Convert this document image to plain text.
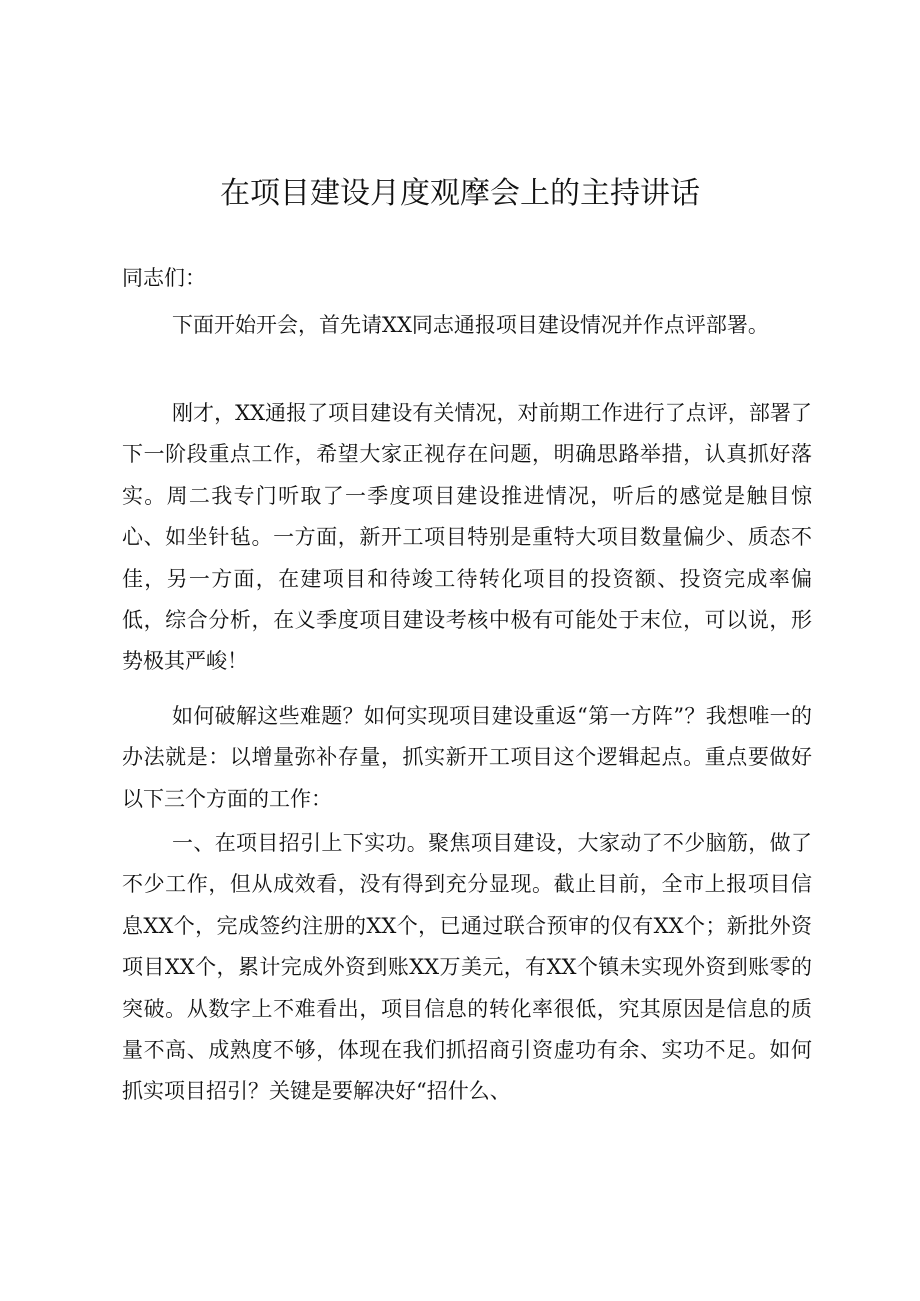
在项目建设月度观摩会上的主持讲话
同志们：

下面开始开会，首先请XX同志通报项目建设情况并作点评部署。

刚才，XX通报了项目建设有关情况，对前期工作进行了点评，部署了下一阶段重点工作，希望大家正视存在问题，明确思路举措，认真抓好落实。周二我专门听取了一季度项目建设推进情况，听后的感觉是触目惊心、如坐针毡。一方面，新开工项目特别是重特大项目数量偏少、质态不佳，另一方面，在建项目和待竣工待转化项目的投资额、投资完成率偏低，综合分析，在义季度项目建设考核中极有可能处于末位，可以说，形势极其严峻！

如何破解这些难题？如何实现项目建设重返“第一方阵”？我想唯一的办法就是：以增量弥补存量，抓实新开工项目这个逻辑起点。重点要做好以下三个方面的工作：

一、在项目招引上下实功。聚焦项目建设，大家动了不少脑筋，做了不少工作，但从成效看，没有得到充分显现。截止目前，全市上报项目信息XX个，完成签约注册的XX个，已通过联合预审的仅有XX个；新批外资项目XX个，累计完成外资到账XX万美元，有XX个镇未实现外资到账零的突破。从数字上不难看出，项目信息的转化率很低，究其原因是信息的质量不高、成熟度不够，体现在我们抓招商引资虚功有余、实功不足。如何抓实项目招引？关键是要解决好“招什么、
